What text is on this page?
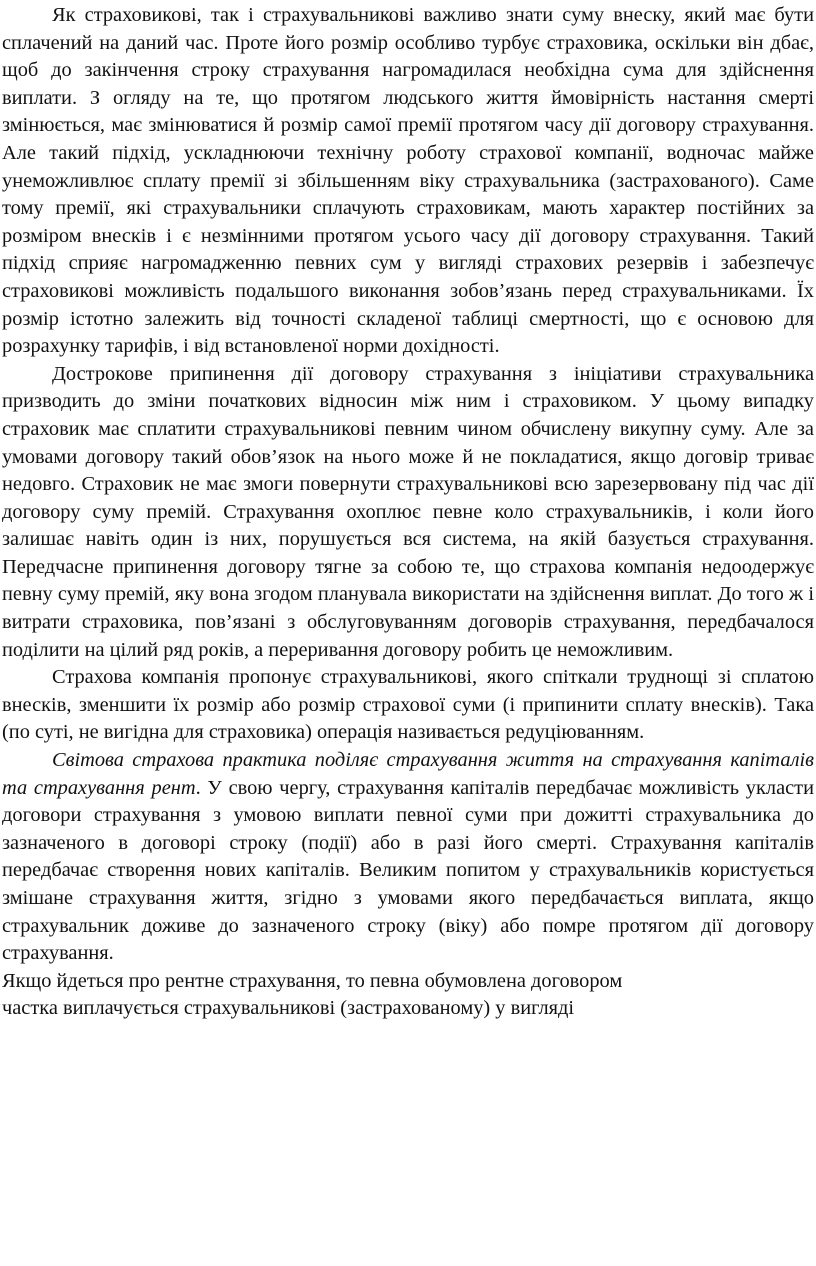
Як страховикові, так і страхувальникові важливо знати суму внеску, який має бути сплачений на даний час. Проте його розмір особливо турбує страховика, оскільки він дбає, щоб до закінчення строку страхування нагромадилася необхідна сума для здійснення виплати. З огляду на те, що протягом людського життя ймовірність настання смерті змінюється, має змінюватися й розмір самої премії протягом часу дії договору страхування. Але такий підхід, ускладнюючи технічну роботу страхової компанії, водночас майже унеможливлює сплату премії зі збільшенням віку страхувальника (застрахованого). Саме тому премії, які страхувальники сплачують страховикам, мають характер постійних за розміром внесків і є незмінними протягом усього часу дії договору страхування. Такий підхід сприяє нагромадженню певних сум у вигляді страхових резервів і забезпечує страховикові можливість подальшого виконання зобов’язань перед страхувальниками. Їх розмір істотно залежить від точності складеної таблиці смертності, що є основою для розрахунку тарифів, і від встановленої норми дохідності.

Дострокове припинення дії договору страхування з ініціативи страхувальника призводить до зміни початкових відносин між ним і страховиком. У цьому випадку страховик має сплатити страхувальникові певним чином обчислену викупну суму. Але за умовами договору такий обов’язок на нього може й не покладатися, якщо договір триває недовго. Страховик не має змоги повернути страхувальникові всю зарезервовану під час дії договору суму премій. Страхування охоплює певне коло страхувальників, і коли його залишає навіть один із них, порушується вся система, на якій базується страхування. Передчасне припинення договору тягне за собою те, що страхова компанія недоодержує певну суму премій, яку вона згодом планувала використати на здійснення виплат. До того ж і витрати страховика, пов’язані з обслуговуванням договорів страхування, передбачалося поділити на цілий ряд років, а переривання договору робить це неможливим.

Страхова компанія пропонує страхувальникові, якого спіткали труднощі зі сплатою внесків, зменшити їх розмір або розмір страхової суми (і припинити сплату внесків). Така (по суті, не вигідна для страховика) операція називається редуціюванням.

Світова страхова практика поділяє страхування життя на страхування капіталів та страхування рент. У свою чергу, страхування капіталів передбачає можливість укласти договори страхування з умовою виплати певної суми при дожитті страхувальника до зазначеного в договорі строку (події) або в разі його смерті. Страхування капіталів передбачає створення нових капіталів. Великим попитом у страхувальників користується змішане страхування життя, згідно з умовами якого передбачається виплата, якщо страхувальник доживе до зазначеного строку (віку) або помре протягом дії договору страхування.

Якщо йдеться про рентне страхування, то певна обумовлена договором
частка виплачується страхувальникові (застрахованому) у вигляді
